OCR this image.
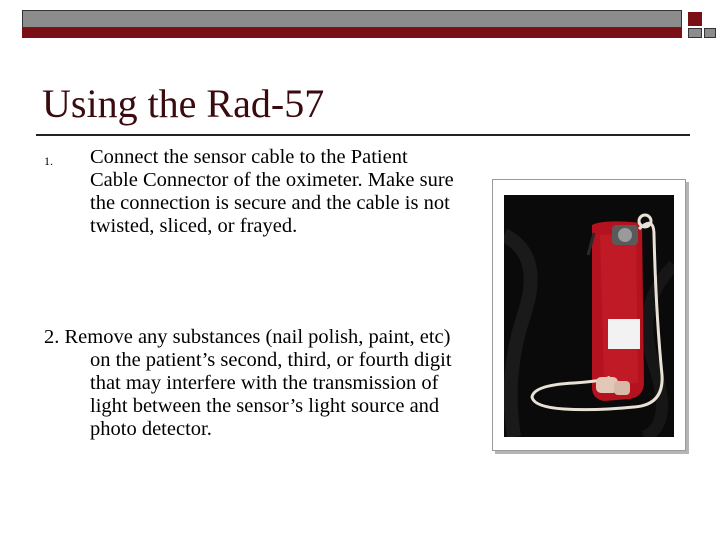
Using the Rad-57
1. Connect the sensor cable to the Patient Cable Connector of the oximeter. Make sure the connection is secure and the cable is not twisted, sliced, or frayed.
2. Remove any substances (nail polish, paint, etc) on the patient’s second, third, or fourth digit that may interfere with the transmission of light between the sensor’s light source and photo detector.
